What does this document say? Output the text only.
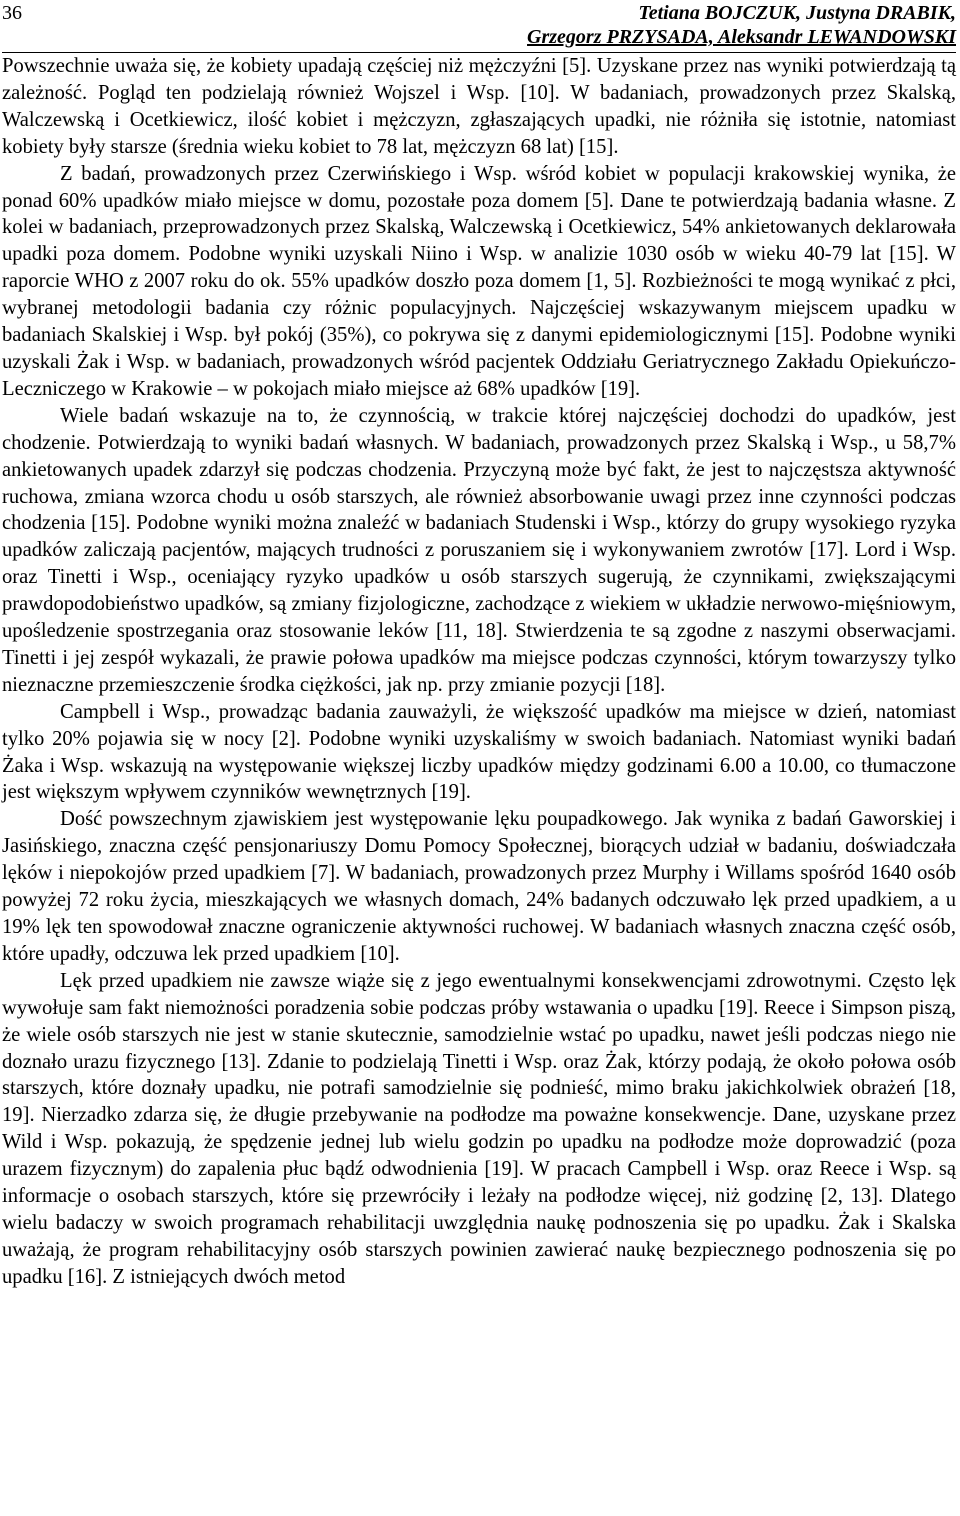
36	Tetiana BOJCZUK, Justyna DRABIK,
Grzegorz PRZYSADA, Aleksandr LEWANDOWSKI

Powszechnie uważa się, że kobiety upadają częściej niż mężczyźni [5]. Uzyskane przez nas wyniki potwierdzają tą zależność. Pogląd ten podzielają również Wojszel i Wsp. [10]. W badaniach, prowadzonych przez Skalską, Walczewską i Ocetkiewicz, ilość kobiet i mężczyzn, zgłaszających upadki, nie różniła się istotnie, natomiast kobiety były starsze (średnia wieku kobiet to 78 lat, mężczyzn 68 lat) [15].

Z badań, prowadzonych przez Czerwińskiego i Wsp. wśród kobiet w populacji krakowskiej wynika, że ponad 60% upadków miało miejsce w domu, pozostałe poza domem [5]. Dane te potwierdzają badania własne. Z kolei w badaniach, przeprowadzonych przez Skalską, Walczewską i Ocetkiewicz, 54% ankietowanych deklarowała upadki poza domem. Podobne wyniki uzyskali Niino i Wsp. w analizie 1030 osób w wieku 40-79 lat [15]. W raporcie WHO z 2007 roku do ok. 55% upadków doszło poza domem [1, 5]. Rozbieżności te mogą wynikać z płci, wybranej metodologii badania czy różnic populacyjnych. Najczęściej wskazywanym miejscem upadku w badaniach Skalskiej i Wsp. był pokój (35%), co pokrywa się z danymi epidemiologicznymi [15]. Podobne wyniki uzyskali Żak i Wsp. w badaniach, prowadzonych wśród pacjentek Oddziału Geriatrycznego Zakładu Opiekuńczo-Leczniczego w Krakowie – w pokojach miało miejsce aż 68% upadków [19].

Wiele badań wskazuje na to, że czynnością, w trakcie której najczęściej dochodzi do upadków, jest chodzenie. Potwierdzają to wyniki badań własnych. W badaniach, prowadzonych przez Skalską i Wsp., u 58,7% ankietowanych upadek zdarzył się podczas chodzenia. Przyczyną może być fakt, że jest to najczęstsza aktywność ruchowa, zmiana wzorca chodu u osób starszych, ale również absorbowanie uwagi przez inne czynności podczas chodzenia [15]. Podobne wyniki można znaleźć w badaniach Studenski i Wsp., którzy do grupy wysokiego ryzyka upadków zaliczają pacjentów, mających trudności z poruszaniem się i wykonywaniem zwrotów [17]. Lord i Wsp. oraz Tinetti i Wsp., oceniający ryzyko upadków u osób starszych sugerują, że czynnikami, zwiększającymi prawdopodobieństwo upadków, są zmiany fizjologiczne, zachodzące z wiekiem w układzie nerwowo-mięśniowym, upośledzenie spostrzegania oraz stosowanie leków [11, 18]. Stwierdzenia te są zgodne z naszymi obserwacjami. Tinetti i jej zespół wykazali, że prawie połowa upadków ma miejsce podczas czynności, którym towarzyszy tylko nieznaczne przemieszczenie środka ciężkości, jak np. przy zmianie pozycji [18].

Campbell i Wsp., prowadząc badania zauważyli, że większość upadków ma miejsce w dzień, natomiast tylko 20% pojawia się w nocy [2]. Podobne wyniki uzyskaliśmy w swoich badaniach. Natomiast wyniki badań Żaka i Wsp. wskazują na występowanie większej liczby upadków między godzinami 6.00 a 10.00, co tłumaczone jest większym wpływem czynników wewnętrznych [19].

Dość powszechnym zjawiskiem jest występowanie lęku poupadkowego. Jak wynika z badań Gaworskiej i Jasińskiego, znaczna część pensjonariuszy Domu Pomocy Społecznej, biorących udział w badaniu, doświadczała lęków i niepokojów przed upadkiem [7]. W badaniach, prowadzonych przez Murphy i Willams spośród 1640 osób powyżej 72 roku życia, mieszkających we własnych domach, 24% badanych odczuwało lęk przed upadkiem, a u 19% lęk ten spowodował znaczne ograniczenie aktywności ruchowej. W badaniach własnych znaczna część osób, które upadły, odczuwa lek przed upadkiem [10].

Lęk przed upadkiem nie zawsze wiąże się z jego ewentualnymi konsekwencjami zdrowotnymi. Często lęk wywołuje sam fakt niemożności poradzenia sobie podczas próby wstawania o upadku [19]. Reece i Simpson piszą, że wiele osób starszych nie jest w stanie skutecznie, samodzielnie wstać po upadku, nawet jeśli podczas niego nie doznało urazu fizycznego [13]. Zdanie to podzielają Tinetti i Wsp. oraz Żak, którzy podają, że około połowa osób starszych, które doznały upadku, nie potrafi samodzielnie się podnieść, mimo braku jakichkolwiek obrażeń [18, 19]. Nierzadko zdarza się, że długie przebywanie na podłodze ma poważne konsekwencje. Dane, uzyskane przez Wild i Wsp. pokazują, że spędzenie jednej lub wielu godzin po upadku na podłodze może doprowadzić (poza urazem fizycznym) do zapalenia płuc bądź odwodnienia [19]. W pracach Campbell i Wsp. oraz Reece i Wsp. są informacje o osobach starszych, które się przewróciły i leżały na podłodze więcej, niż godzinę [2, 13]. Dlatego wielu badaczy w swoich programach rehabilitacji uwzględnia naukę podnoszenia się po upadku. Żak i Skalska uważają, że program rehabilitacyjny osób starszych powinien zawierać naukę bezpiecznego podnoszenia się po upadku [16]. Z istniejących dwóch metod
